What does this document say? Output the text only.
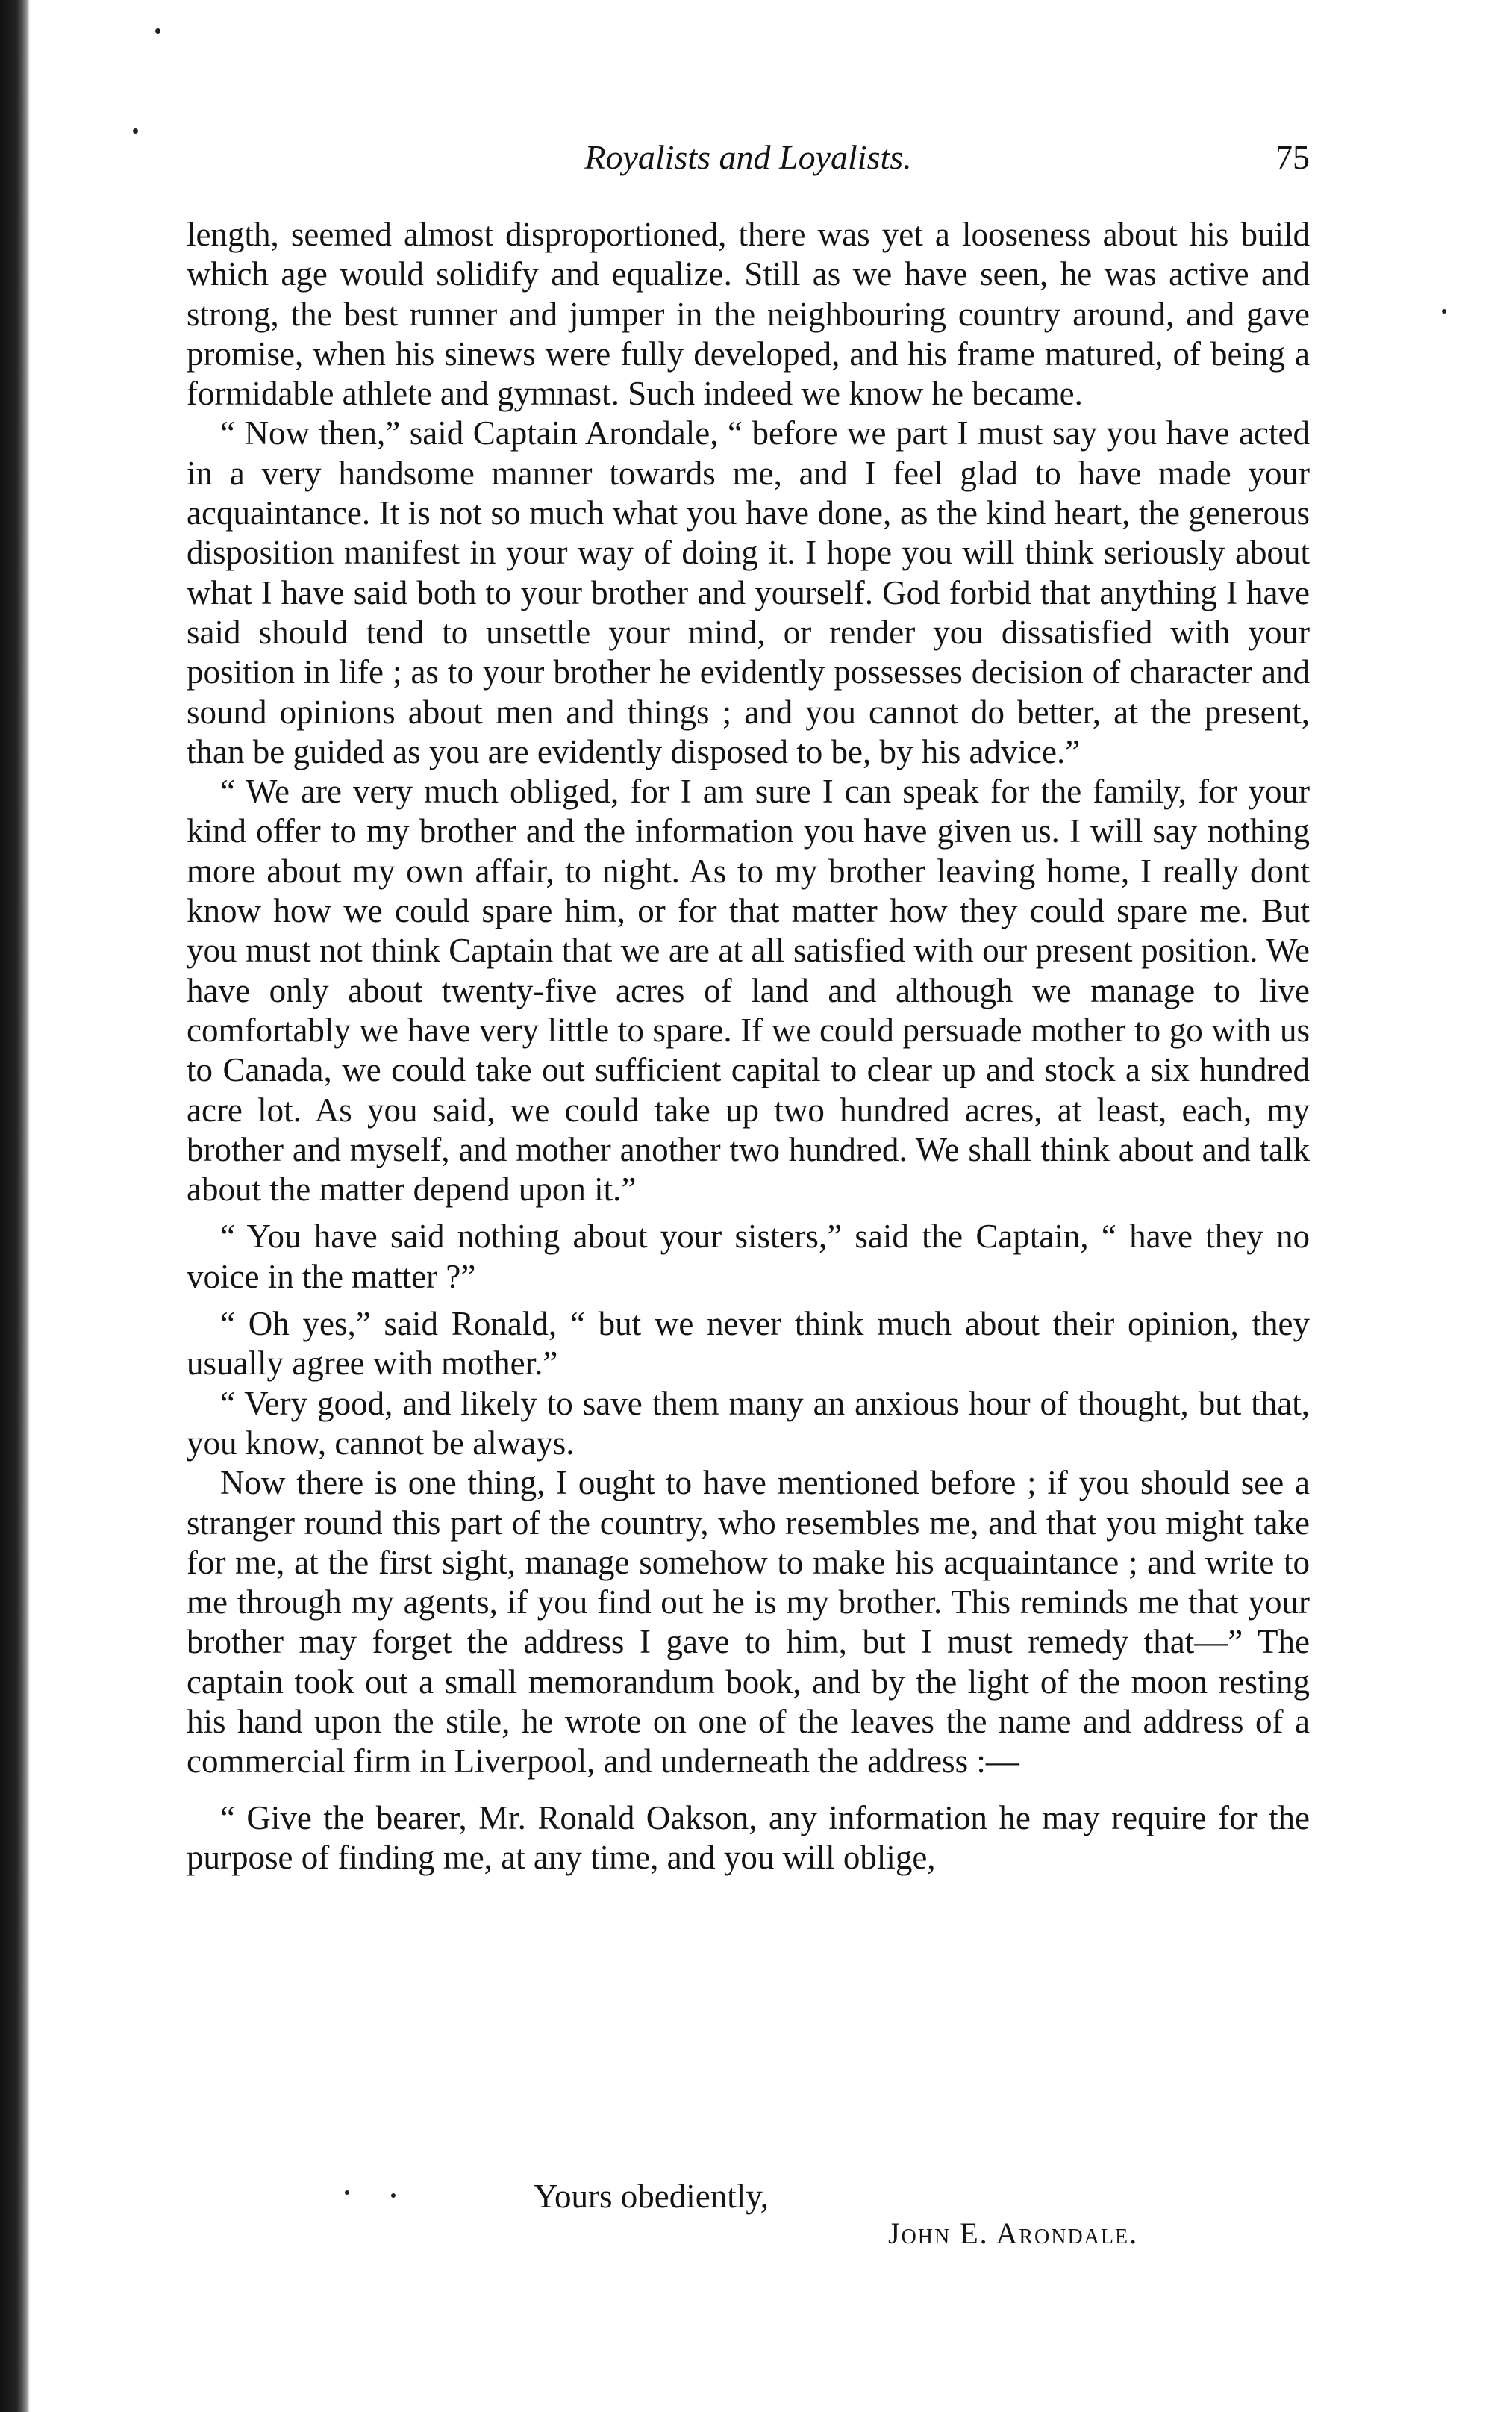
Royalists and Loyalists.	75

length, seemed almost disproportioned, there was yet a looseness about his build which age would solidify and equalize. Still as we have seen, he was active and strong, the best runner and jumper in the neighbouring country around, and gave promise, when his sinews were fully developed, and his frame matured, of being a formidable athlete and gymnast. Such indeed we know he became.

“ Now then,” said Captain Arondale, “ before we part I must say you have acted in a very handsome manner towards me, and I feel glad to have made your acquaintance. It is not so much what you have done, as the kind heart, the generous disposition manifest in your way of doing it. I hope you will think seriously about what I have said both to your brother and yourself. God forbid that anything I have said should tend to unsettle your mind, or render you dissatisfied with your position in life ; as to your brother he evidently possesses decision of character and sound opinions about men and things ; and you cannot do better, at the present, than be guided as you are evidently disposed to be, by his advice.”

“ We are very much obliged, for I am sure I can speak for the family, for your kind offer to my brother and the information you have given us. I will say nothing more about my own affair, to night. As to my brother leaving home, I really dont know how we could spare him, or for that matter how they could spare me. But you must not think Captain that we are at all satisfied with our present position. We have only about twenty-five acres of land and although we manage to live comfortably we have very little to spare. If we could persuade mother to go with us to Canada, we could take out sufficient capital to clear up and stock a six hundred acre lot. As you said, we could take up two hundred acres, at least, each, my brother and myself, and mother another two hundred. We shall think about and talk about the matter depend upon it.”

“ You have said nothing about your sisters,” said the Captain, “ have they no voice in the matter ?”

“ Oh yes,” said Ronald, “ but we never think much about their opinion, they usually agree with mother.”

“ Very good, and likely to save them many an anxious hour of thought, but that, you know, cannot be always.

Now there is one thing, I ought to have mentioned before ; if you should see a stranger round this part of the country, who resembles me, and that you might take for me, at the first sight, manage somehow to make his acquaintance ; and write to me through my agents, if you find out he is my brother. This reminds me that your brother may forget the address I gave to him, but I must remedy that—” The captain took out a small memorandum book, and by the light of the moon resting his hand upon the stile, he wrote on one of the leaves the name and address of a commercial firm in Liverpool, and underneath the address :—

“ Give the bearer, Mr. Ronald Oakson, any information he may require for the purpose of finding me, at any time, and you will oblige,

Yours obediently,
John E. Arondale.
